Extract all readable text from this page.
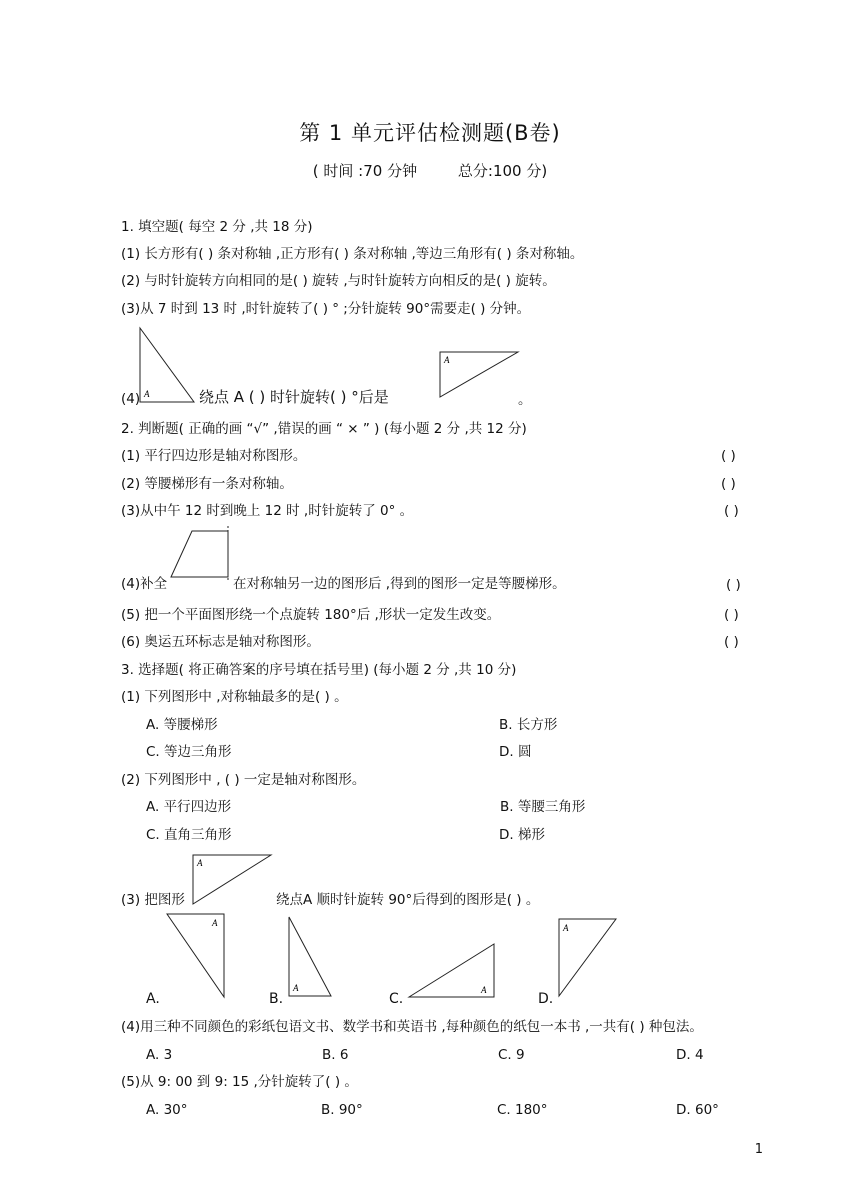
第 1 单元评估检测题(B卷)
( 时间 :70 分钟	总分:100 分)
1. 填空题( 每空 2 分 ,共 18 分)
(1) 长方形有( ) 条对称轴 ,正方形有( ) 条对称轴 ,等边三角形有( ) 条对称轴。
(2) 与时针旋转方向相同的是( ) 旋转 ,与时针旋转方向相反的是( ) 旋转。
(3)从 7 时到 13 时 ,时针旋转了( ) ° ;分针旋转 90°需要走( ) 分钟。
A
(4)	绕点 A ( ) 时针旋转( ) °后是
A
。
2. 判断题( 正确的画 “√” ,错误的画 “ × ” ) (每小题 2 分 ,共 12 分)
(1) 平行四边形是轴对称图形。	( )
(2) 等腰梯形有一条对称轴。	( )
(3)从中午 12 时到晚上 12 时 ,时针旋转了 0° 。	( )
(4)补全	在对称轴另一边的图形后 ,得到的图形一定是等腰梯形。	( )
(5) 把一个平面图形绕一个点旋转 180°后 ,形状一定发生改变。	( )
(6) 奥运五环标志是轴对称图形。	( )
3. 选择题( 将正确答案的序号填在括号里) (每小题 2 分 ,共 10 分)
(1) 下列图形中 ,对称轴最多的是( ) 。
A. 等腰梯形	B. 长方形
C. 等边三角形	D. 圆
(2) 下列图形中 , ( ) 一定是轴对称图形。
A. 平行四边形	B. 等腰三角形
C. 直角三角形	D. 梯形
A
(3) 把图形	绕点A 顺时针旋转 90°后得到的图形是( ) 。
A
A.
A
B.
A
C.
A
D.
(4)用三种不同颜色的彩纸包语文书、数学书和英语书 ,每种颜色的纸包一本书 ,一共有( ) 种包法。
A. 3	B. 6	C. 9	D. 4
(5)从 9: 00 到 9: 15 ,分针旋转了( ) 。
A. 30°	B. 90°	C. 180°	D. 60°
1
